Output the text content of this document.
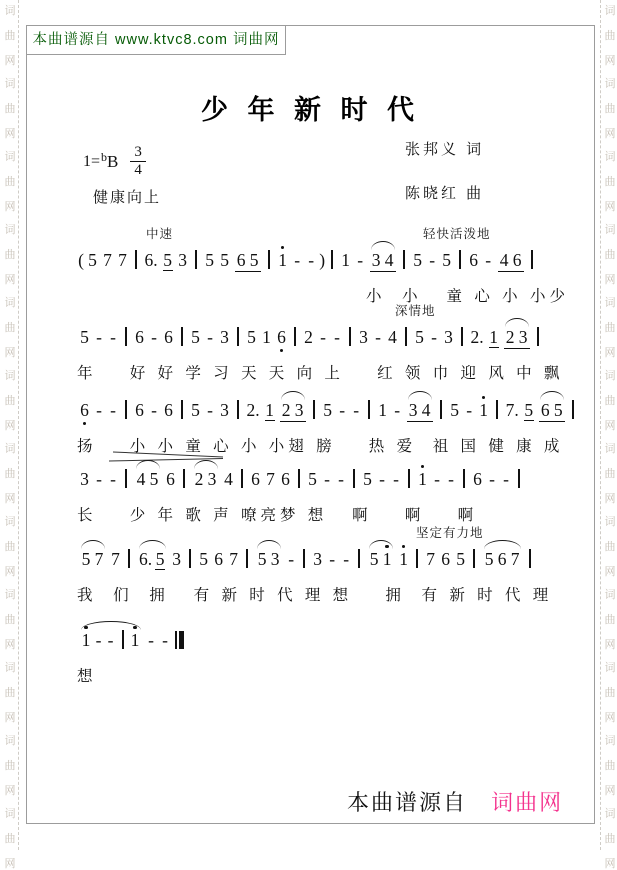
词
曲
网
词
曲
网
词
曲
网
词
曲
网
词
曲
网
词
曲
网
词
曲
网
词
曲
网
词
曲
网
词
曲
网
词
曲
网
词
曲
网
词
曲
网
词
曲
网
词
曲
网
词
曲
网
词
曲
网
词
曲
网
词
曲
网
词
曲
网
词
曲
网
词
曲
网
词
曲
网
词
曲
网
本曲谱源自 www.ktvc8.com 词曲网
少 年 新 时 代
1= b B $\frac{3}{4}$	张邦义 词
陈晓红 曲
健康向上
中速	轻快活泼地
( 5 7 7 6. 5 3 5 5 6 5 1 - - ) 1 - 3 4 5 - 5 6 - 4 6
小  小   童 心 小 小少
深情地
5 - - 6 - 6 5 - 3 5 1 6 2 - - 3 - 4 5 - 3 2. 1 2 3
年    好 好 学 习 天 天 向 上    红 领 巾 迎 风 中 飘
6 - - 6 - 6 5 - 3 2. 1 2 3 5 - - 1 - 3 4 5 - 1 7. 5 6 5
扬    小 小 童 心 小 小翅 膀    热 爱  祖 国 健 康 成
3 - - 4 5 6 2 3 4 6 7 6 5 - - 5 - - 1 - - 6 - -
长    少 年 歌 声 嘹亮梦 想   啊    啊    啊
坚定有力地
5 7 7 6. 5 3 5 6 7 5 3 - 3 - - 5 1 1 7 6 5 5 6 7
我  们  拥   有 新 时 代 理 想    拥  有 新 时 代 理
1 - - 1 - -
想
本曲谱源自 词曲网
